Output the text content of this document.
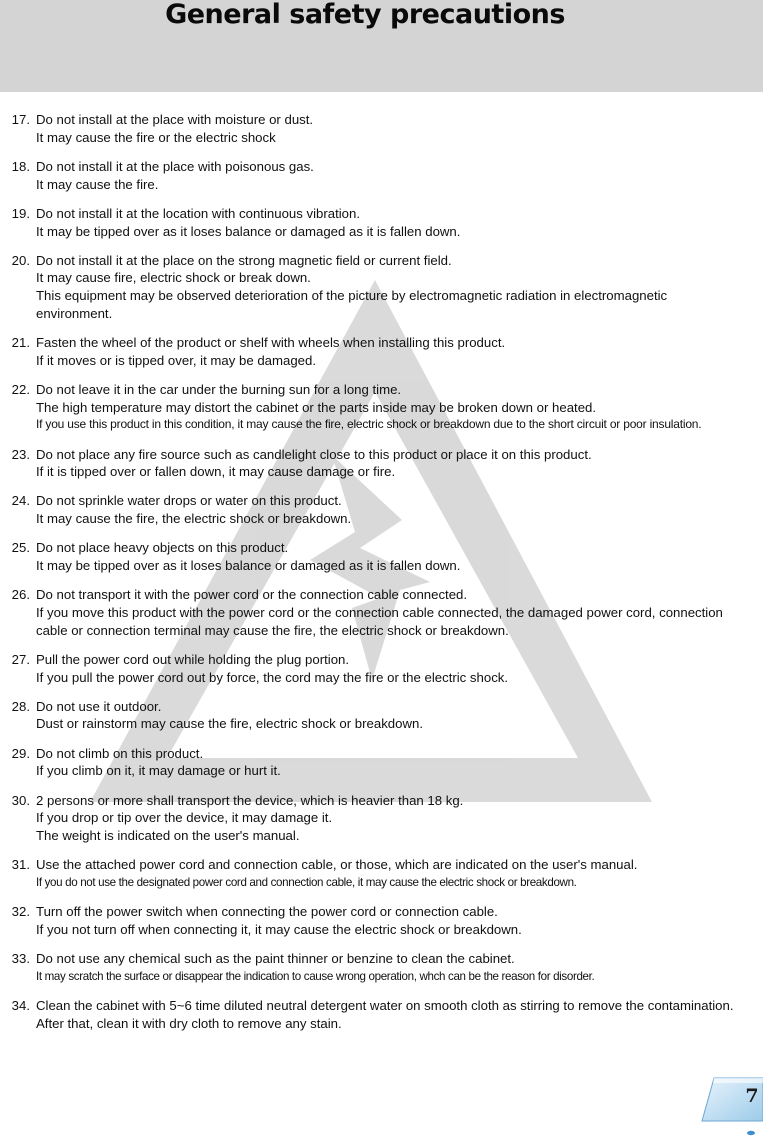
General safety precautions
17. Do not install at the place with moisture or dust.
It may cause the fire or the electric shock
18. Do not install it at the place with poisonous gas.
It may cause the fire.
19. Do not install it at the location with continuous vibration.
It may be tipped over as it loses balance or damaged as it is fallen down.
20. Do not install it at the place on the strong magnetic field or current field.
It may cause fire, electric shock or break down.
This equipment may be observed deterioration of the picture by electromagnetic radiation in electromagnetic environment.
21. Fasten the wheel of the product or shelf with wheels when installing this product.
If it moves or is tipped over, it may be damaged.
22. Do not leave it in the car under the burning sun for a long time.
The high temperature may distort the cabinet or the parts inside may be broken down or heated.
If you use this product in this condition, it may cause the fire, electric shock or breakdown due to the short circuit or poor insulation.
23. Do not place any fire source such as candlelight close to this product or place it on this product.
If it is tipped over or fallen down, it may cause damage or fire.
24. Do not sprinkle water drops or water on this product.
It may cause the fire, the electric shock or breakdown.
25. Do not place heavy objects on this product.
It may be tipped over as it loses balance or damaged as it is fallen down.
26. Do not transport it with the power cord or the connection cable connected.
If you move this product with the power cord or the connection cable connected, the damaged power cord, connection cable or connection terminal may cause the fire, the electric shock or breakdown.
27. Pull the power cord out while holding the plug portion.
If you pull the power cord out by force, the cord may the fire or the electric shock.
28. Do not use it outdoor.
Dust or rainstorm may cause the fire, electric shock or breakdown.
29. Do not climb on this product.
If you climb on it, it may damage or hurt it.
30. 2 persons or more shall transport the device, which is heavier than 18 kg.
If you drop or tip over the device, it may damage it.
The weight is indicated on the user's manual.
31. Use the attached power cord and connection cable, or those, which are indicated on the user's manual.
If you do not use the designated power cord and connection cable, it may cause the electric shock or breakdown.
32. Turn off the power switch when connecting the power cord or connection cable.
If you not turn off when connecting it, it may cause the electric shock or breakdown.
33. Do not use any chemical such as the paint thinner or benzine to clean the cabinet.
It may scratch the surface or disappear the indication to cause wrong operation, whch can be the reason for disorder.
34. Clean the cabinet with 5~6 time diluted neutral detergent water on smooth cloth as stirring to remove the contamination.
After that, clean it with dry cloth to remove any stain.
7
